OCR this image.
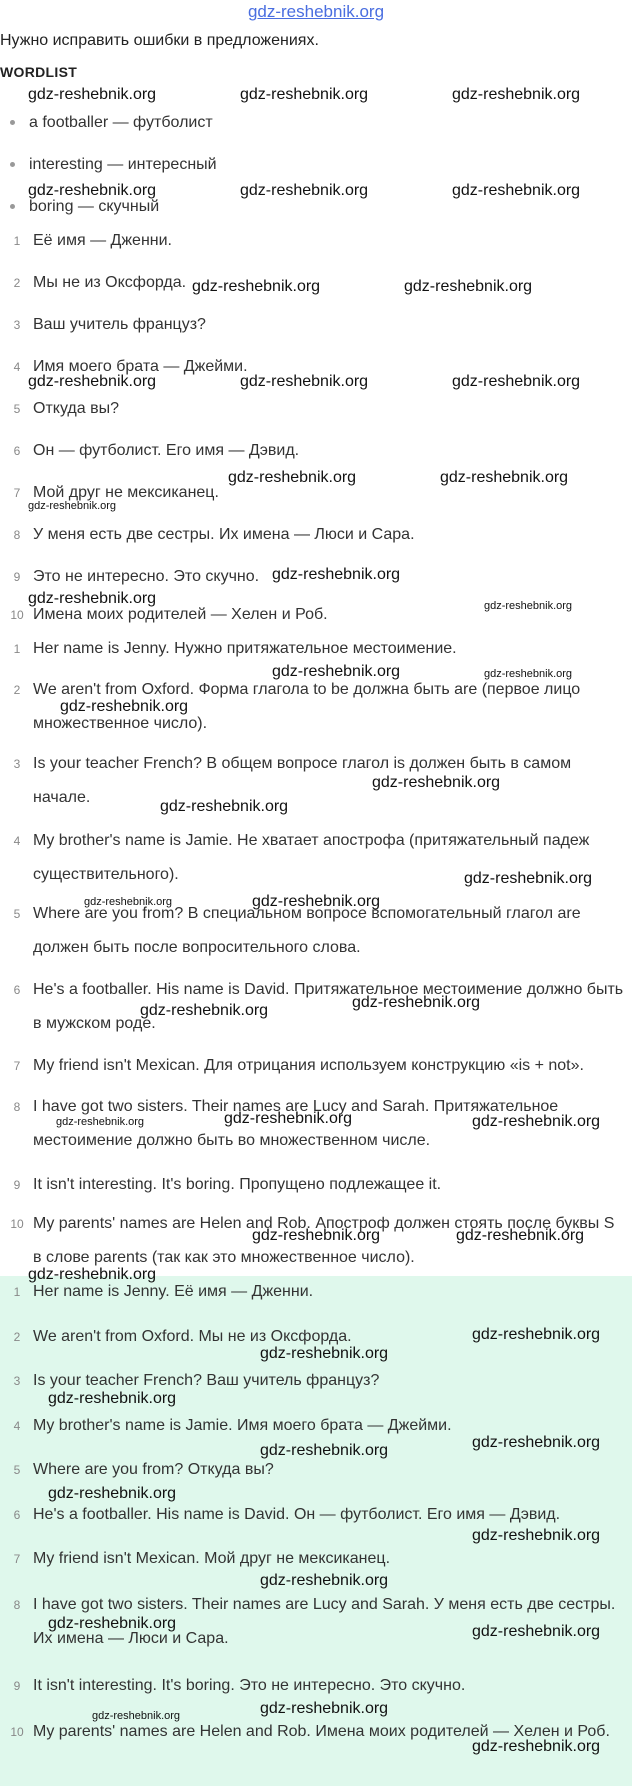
gdz-reshebnik.org
Нужно исправить ошибки в предложениях.
WORDLIST
a footballer — футболист
interesting — интересный
boring — скучный
1 Её имя — Дженни.
2 Мы не из Оксфорда.
3 Ваш учитель француз?
4 Имя моего брата — Джейми.
5 Откуда вы?
6 Он — футболист. Его имя — Дэвид.
7 Мой друг не мексиканец.
8 У меня есть две сестры. Их имена — Люси и Сара.
9 Это не интересно. Это скучно.
10 Имена моих родителей — Хелен и Роб.
1 Her name is Jenny. Нужно притяжательное местоимение.
2 We aren't from Oxford. Форма глагола to be должна быть are (первое лицо множественное число).
3 Is your teacher French? В общем вопросе глагол is должен быть в самом начале.
4 My brother's name is Jamie. Не хватает апострофа (притяжательный падеж существительного).
5 Where are you from? В специальном вопросе вспомогательный глагол are должен быть после вопросительного слова.
6 He's a footballer. His name is David. Притяжательное местоимение должно быть в мужском роде.
7 My friend isn't Mexican. Для отрицания используем конструкцию «is + not».
8 I have got two sisters. Their names are Lucy and Sarah. Притяжательное местоимение должно быть во множественном числе.
9 It isn't interesting. It's boring. Пропущено подлежащее it.
10 My parents' names are Helen and Rob. Апостроф должен стоять после буквы S в слове parents (так как это множественное число).
1 Her name is Jenny. Её имя — Дженни.
2 We aren't from Oxford. Мы не из Оксфорда.
3 Is your teacher French? Ваш учитель француз?
4 My brother's name is Jamie. Имя моего брата — Джейми.
5 Where are you from? Откуда вы?
6 He's a footballer. His name is David. Он — футболист. Его имя — Дэвид.
7 My friend isn't Mexican. Мой друг не мексиканец.
8 I have got two sisters. Their names are Lucy and Sarah. У меня есть две сестры. Их имена — Люси и Сара.
9 It isn't interesting. It's boring. Это не интересно. Это скучно.
10 My parents' names are Helen and Rob. Имена моих родителей — Хелен и Роб.
gdz-reshebnik.org	gdz-reshebnik.org	gdz-reshebnik.org
gdz-reshebnik.org	gdz-reshebnik.org	gdz-reshebnik.org
gdz-reshebnik.org	gdz-reshebnik.org
gdz-reshebnik.org	gdz-reshebnik.org	gdz-reshebnik.org
gdz-reshebnik.org	gdz-reshebnik.org
gdz-reshebnik.org
gdz-reshebnik.org
gdz-reshebnik.org	gdz-reshebnik.org
gdz-reshebnik.org	gdz-reshebnik.org
gdz-reshebnik.org
gdz-reshebnik.org
gdz-reshebnik.org
gdz-reshebnik.org
gdz-reshebnik.org	gdz-reshebnik.org
gdz-reshebnik.org
gdz-reshebnik.org
gdz-reshebnik.org	gdz-reshebnik.org	gdz-reshebnik.org
gdz-reshebnik.org	gdz-reshebnik.org
gdz-reshebnik.org
gdz-reshebnik.org
gdz-reshebnik.org
gdz-reshebnik.org
gdz-reshebnik.org
gdz-reshebnik.org
gdz-reshebnik.org
gdz-reshebnik.org
gdz-reshebnik.org
gdz-reshebnik.org	gdz-reshebnik.org
gdz-reshebnik.org
gdz-reshebnik.org
gdz-reshebnik.org
